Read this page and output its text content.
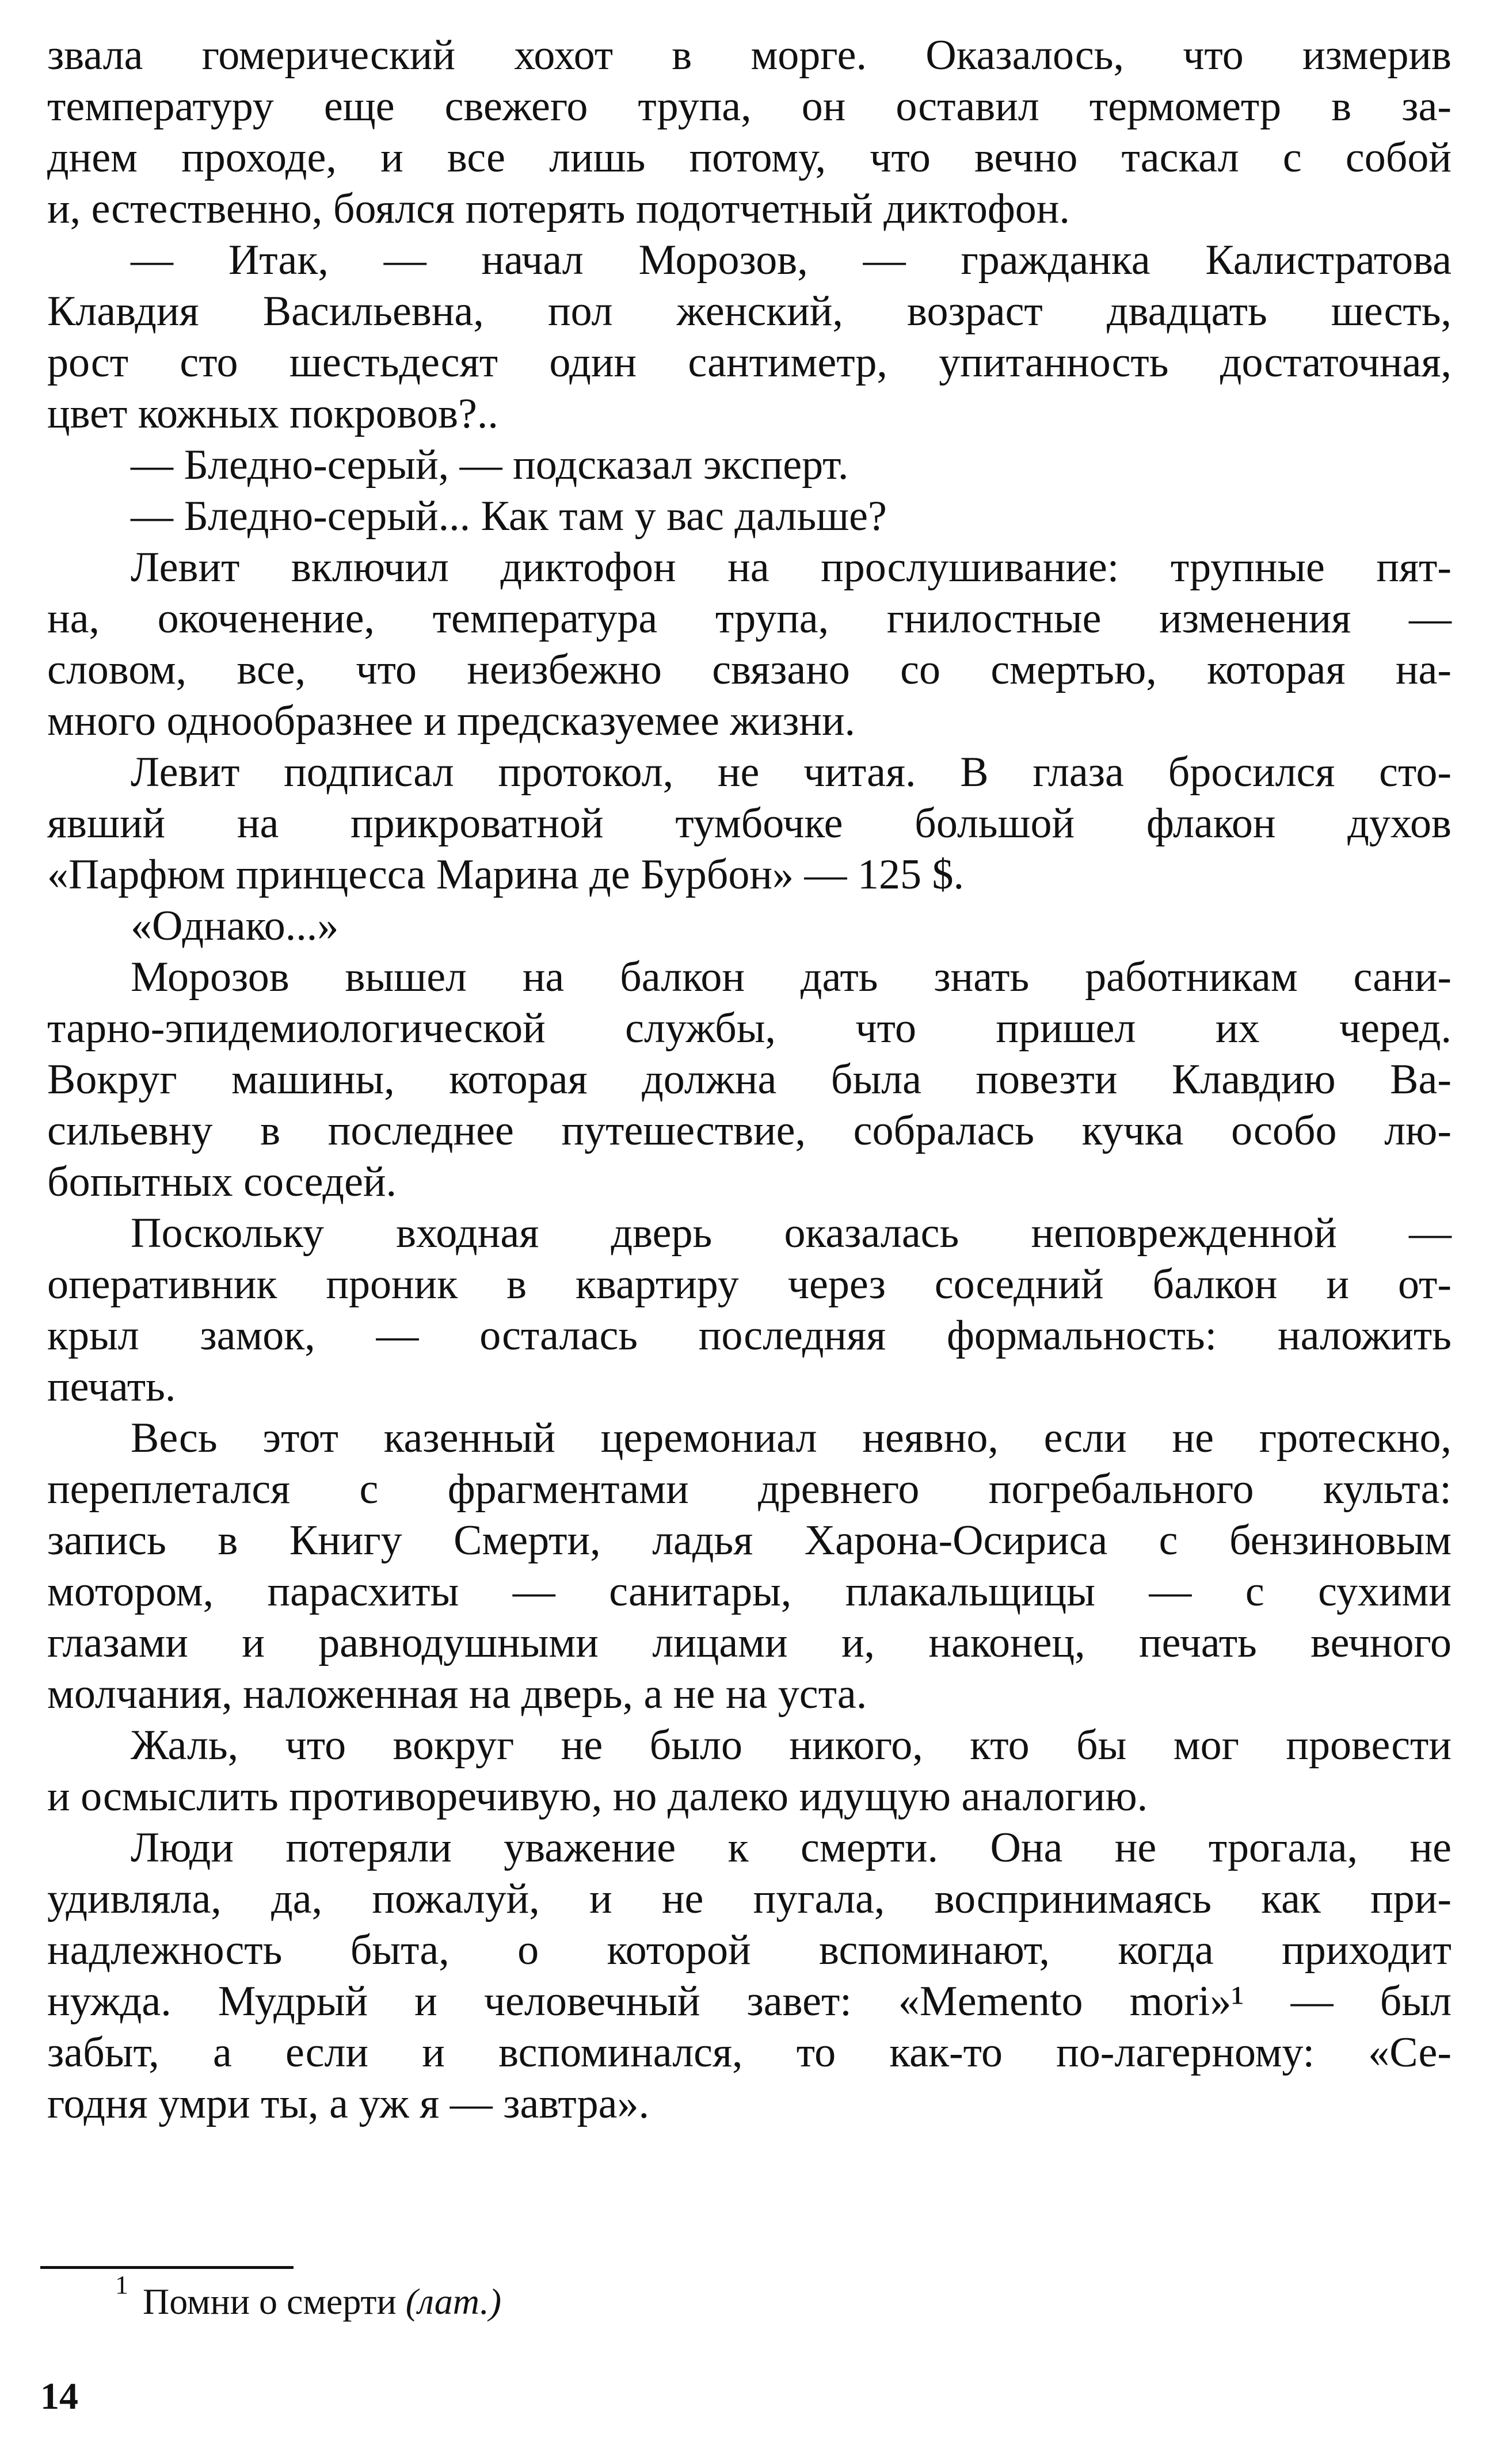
звала гомерический хохот в морге. Оказалось, что измерив
температуру еще свежего трупа, он оставил термометр в за-
днем проходе, и все лишь потому, что вечно таскал с собой
и, естественно, боялся потерять подотчетный диктофон.
— Итак, — начал Морозов, — гражданка Калистратова
Клавдия Васильевна, пол женский, возраст двадцать шесть,
рост сто шестьдесят один сантиметр, упитанность достаточная,
цвет кожных покровов?..
— Бледно-серый, — подсказал эксперт.
— Бледно-серый... Как там у вас дальше?
Левит включил диктофон на прослушивание: трупные пят-
на, окоченение, температура трупа, гнилостные изменения —
словом, все, что неизбежно связано со смертью, которая на-
много однообразнее и предсказуемее жизни.
Левит подписал протокол, не читая. В глаза бросился сто-
явший на прикроватной тумбочке большой флакон духов
«Парфюм принцесса Марина де Бурбон» — 125 $.
«Однако...»
Морозов вышел на балкон дать знать работникам сани-
тарно-эпидемиологической службы, что пришел их черед.
Вокруг машины, которая должна была повезти Клавдию Ва-
сильевну в последнее путешествие, собралась кучка особо лю-
бопытных соседей.
Поскольку входная дверь оказалась неповрежденной —
оперативник проник в квартиру через соседний балкон и от-
крыл замок, — осталась последняя формальность: наложить
печать.
Весь этот казенный церемониал неявно, если не гротескно,
переплетался с фрагментами древнего погребального культа:
запись в Книгу Смерти, ладья Харона-Осириса с бензиновым
мотором, парасхиты — санитары, плакальщицы — с сухими
глазами и равнодушными лицами и, наконец, печать вечного
молчания, наложенная на дверь, а не на уста.
Жаль, что вокруг не было никого, кто бы мог провести
и осмыслить противоречивую, но далеко идущую аналогию.
Люди потеряли уважение к смерти. Она не трогала, не
удивляла, да, пожалуй, и не пугала, воспринимаясь как при-
надлежность быта, о которой вспоминают, когда приходит
нужда. Мудрый и человечный завет: «Memento mori»¹ — был
забыт, а если и вспоминался, то как-то по-лагерному: «Се-
годня умри ты, а уж я — завтра».
1 Помни о смерти (лат.)
14
